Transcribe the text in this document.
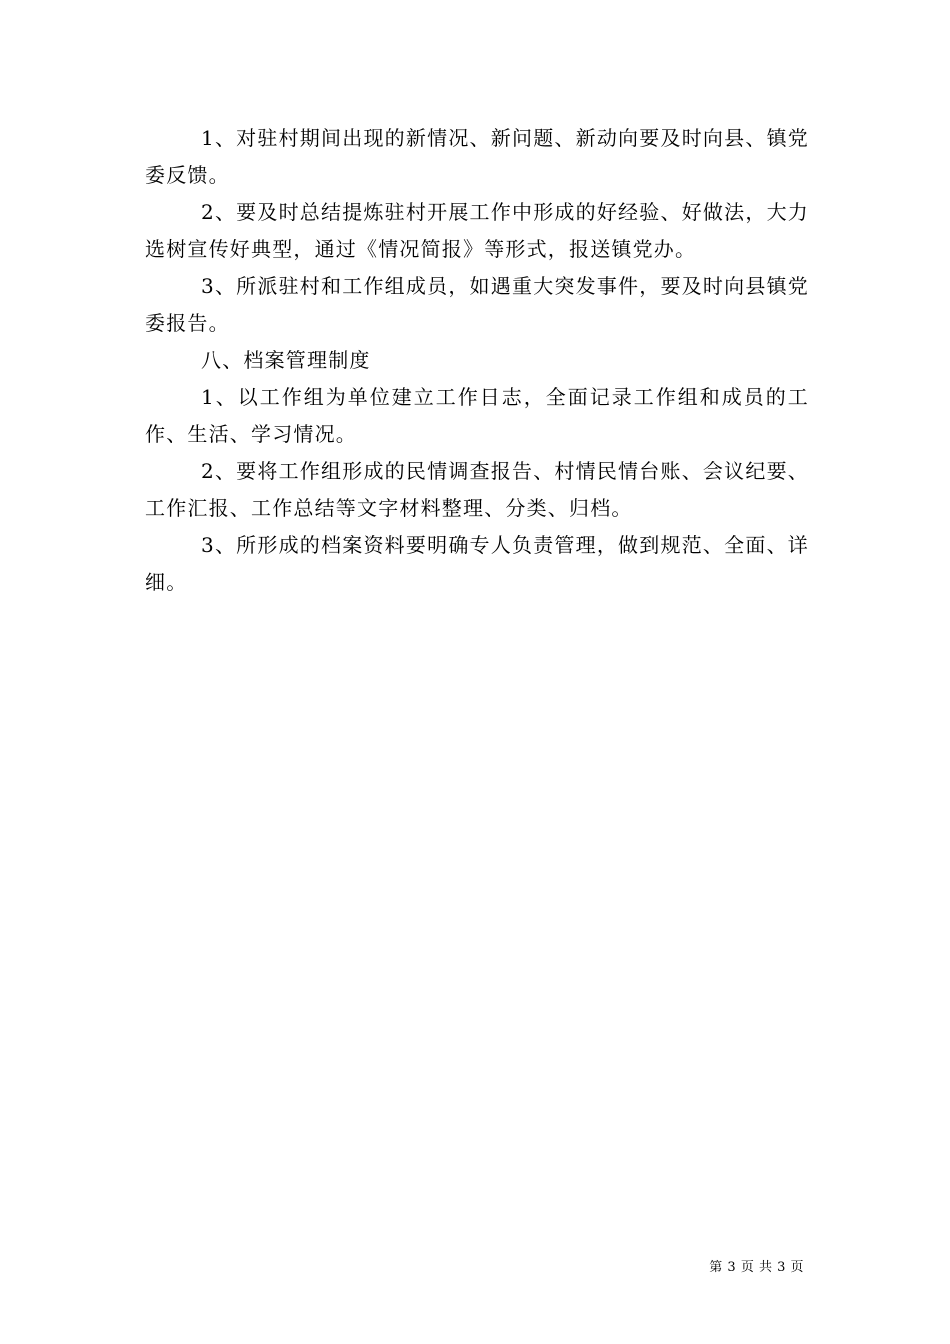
1、对驻村期间出现的新情况、新问题、新动向要及时向县、镇党委反馈。

2、要及时总结提炼驻村开展工作中形成的好经验、好做法，大力选树宣传好典型，通过《情况简报》等形式，报送镇党办。

3、所派驻村和工作组成员，如遇重大突发事件，要及时向县镇党委报告。

八、档案管理制度

1、以工作组为单位建立工作日志，全面记录工作组和成员的工作、生活、学习情况。

2、要将工作组形成的民情调查报告、村情民情台账、会议纪要、工作汇报、工作总结等文字材料整理、分类、归档。

3、所形成的档案资料要明确专人负责管理，做到规范、全面、详细。

第 3 页 共 3 页
